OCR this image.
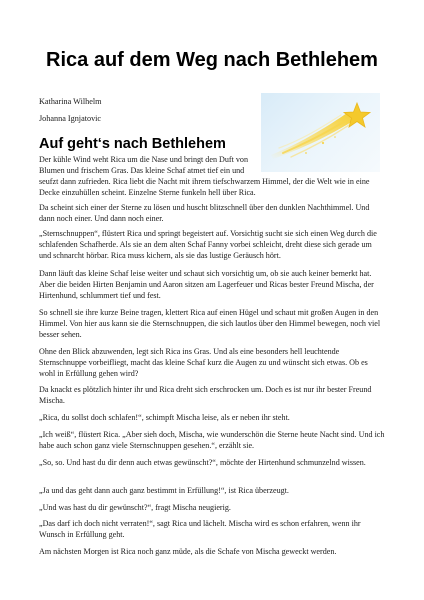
Rica auf dem Weg nach Bethlehem
Katharina Wilhelm
Johanna Ignjatovic
Auf geht‘s nach Bethlehem

Der kühle Wind weht Rica um die Nase und bringt den Duft von Blumen und frischem Gras. Das kleine Schaf atmet tief ein und

seufzt dann zufrieden. Rica liebt die Nacht mit ihrem tiefschwarzem Himmel, der die Welt wie in eine Decke einzuhüllen scheint. Einzelne Sterne funkeln hell über Rica.

Da scheint sich einer der Sterne zu lösen und huscht blitzschnell über den dunklen Nachthimmel. Und dann noch einer. Und dann noch einer.

„Sternschnuppen“, flüstert Rica und springt begeistert auf. Vorsichtig sucht sie sich einen Weg durch die schlafenden Schafherde. Als sie an dem alten Schaf Fanny vorbei schleicht, dreht diese sich gerade um und schnarcht hörbar. Rica muss kichern, als sie das lustige Geräusch hört.

Dann läuft das kleine Schaf leise weiter und schaut sich vorsichtig um, ob sie auch keiner bemerkt hat. Aber die beiden Hirten Benjamin und Aaron sitzen am Lagerfeuer und Ricas bester Freund Mischa, der Hirtenhund, schlummert tief und fest.

So schnell sie ihre kurze Beine tragen, klettert Rica auf einen Hügel und schaut mit großen Augen in den Himmel. Von hier aus kann sie die Sternschnuppen, die sich lautlos über den Himmel bewegen, noch viel besser sehen.

Ohne den Blick abzuwenden, legt sich Rica ins Gras. Und als eine besonders hell leuchtende Sternschnuppe vorbeifliegt, macht das kleine Schaf kurz die Augen zu und wünscht sich etwas. Ob es wohl in Erfüllung gehen wird?

Da knackt es plötzlich hinter ihr und Rica dreht sich erschrocken um. Doch es ist nur ihr bester Freund Mischa.

„Rica, du sollst doch schlafen!“, schimpft Mischa leise, als er neben ihr steht.

„Ich weiß“, flüstert Rica. „Aber sieh doch, Mischa, wie wunderschön die Sterne heute Nacht sind. Und ich habe auch schon ganz viele Sternschnuppen gesehen.“, erzählt sie.

„So, so. Und hast du dir denn auch etwas gewünscht?“, möchte der Hirtenhund schmunzelnd wissen.

„Ja und das geht dann auch ganz bestimmt in Erfüllung!“, ist Rica überzeugt.

„Und was hast du dir gewünscht?“, fragt Mischa neugierig.

„Das darf ich doch nicht verraten!“, sagt Rica und lächelt. Mischa wird es schon erfahren, wenn ihr Wunsch in Erfüllung geht.

Am nächsten Morgen ist Rica noch ganz müde, als die Schafe von Mischa geweckt werden.
